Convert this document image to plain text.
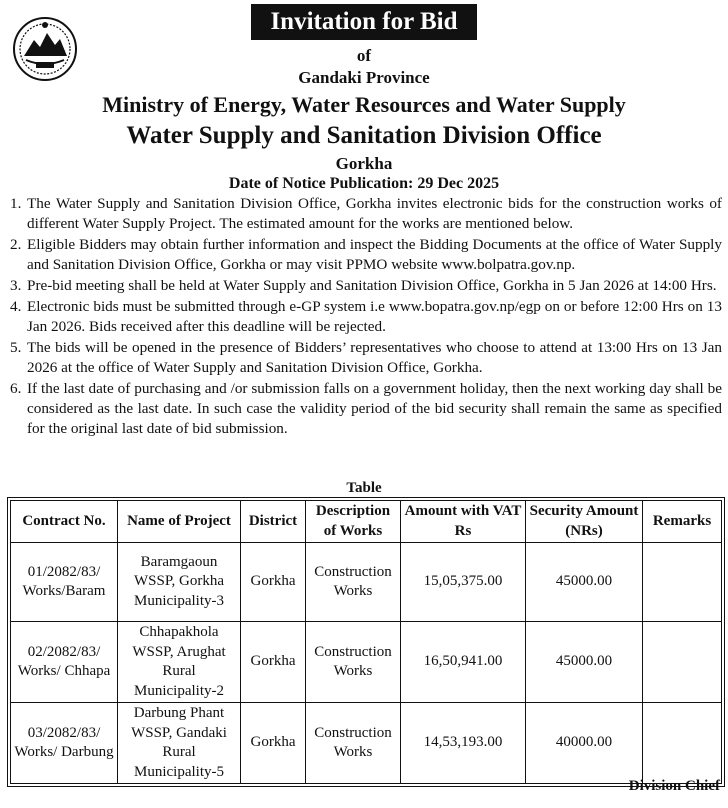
Invitation for Bid
of
Gandaki Province
Ministry of Energy, Water Resources and Water Supply
Water Supply and Sanitation Division Office
Gorkha
Date of Notice Publication: 29 Dec 2025
1. The Water Supply and Sanitation Division Office, Gorkha invites electronic bids for the construction works of different Water Supply Project. The estimated amount for the works are mentioned below.
2. Eligible Bidders may obtain further information and inspect the Bidding Documents at the office of Water Supply and Sanitation Division Office, Gorkha or may visit PPMO website www.bolpatra.gov.np.
3. Pre-bid meeting shall be held at Water Supply and Sanitation Division Office, Gorkha in 5 Jan 2026 at 14:00 Hrs.
4. Electronic bids must be submitted through e-GP system i.e www.bopatra.gov.np/egp on or before 12:00 Hrs on 13 Jan 2026. Bids received after this deadline will be rejected.
5. The bids will be opened in the presence of Bidders’ representatives who choose to attend at 13:00 Hrs on 13 Jan 2026 at the office of Water Supply and Sanitation Division Office, Gorkha.
6. If the last date of purchasing and /or submission falls on a government holiday, then the next working day shall be considered as the last date. In such case the validity period of the bid security shall remain the same as specified for the original last date of bid submission.
Table
Contract No.	Name of Project	District	Description of Works	Amount with VAT Rs	Security Amount (NRs)	Remarks
01/2082/83/ Works/Baram	Baramgaoun WSSP, Gorkha Municipality-3	Gorkha	Construction Works	15,05,375.00	45000.00	
02/2082/83/ Works/ Chhapa	Chhapakhola WSSP, Arughat Rural Municipality-2	Gorkha	Construction Works	16,50,941.00	45000.00	
03/2082/83/ Works/ Darbung	Darbung Phant WSSP, Gandaki Rural Municipality-5	Gorkha	Construction Works	14,53,193.00	40000.00	
Division Chief
